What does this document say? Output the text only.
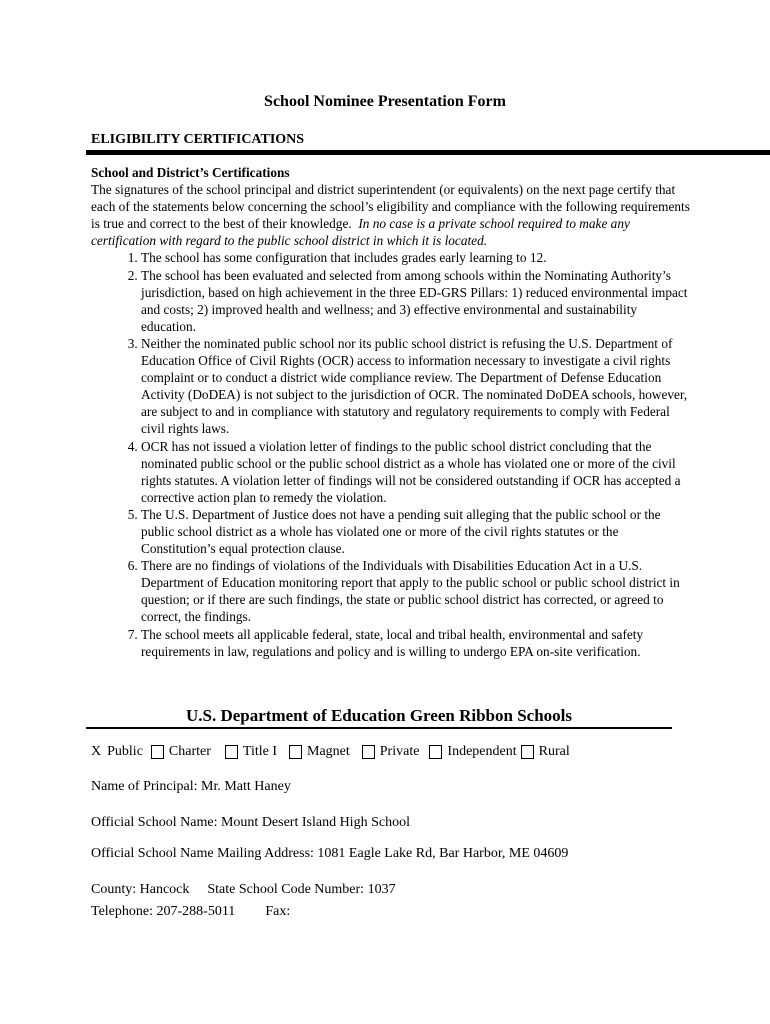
School Nominee Presentation Form
ELIGIBILITY CERTIFICATIONS

School and District’s Certifications

The signatures of the school principal and district superintendent (or equivalents) on the next page certify that each of the statements below concerning the school’s eligibility and compliance with the following requirements is true and correct to the best of their knowledge. In no case is a private school required to make any certification with regard to the public school district in which it is located.

1. The school has some configuration that includes grades early learning to 12.
2. The school has been evaluated and selected from among schools within the Nominating Authority’s jurisdiction, based on high achievement in the three ED-GRS Pillars: 1) reduced environmental impact and costs; 2) improved health and wellness; and 3) effective environmental and sustainability education.
3. Neither the nominated public school nor its public school district is refusing the U.S. Department of Education Office of Civil Rights (OCR) access to information necessary to investigate a civil rights complaint or to conduct a district wide compliance review. The Department of Defense Education Activity (DoDEA) is not subject to the jurisdiction of OCR. The nominated DoDEA schools, however, are subject to and in compliance with statutory and regulatory requirements to comply with Federal civil rights laws.
4. OCR has not issued a violation letter of findings to the public school district concluding that the nominated public school or the public school district as a whole has violated one or more of the civil rights statutes. A violation letter of findings will not be considered outstanding if OCR has accepted a corrective action plan to remedy the violation.
5. The U.S. Department of Justice does not have a pending suit alleging that the public school or the public school district as a whole has violated one or more of the civil rights statutes or the Constitution’s equal protection clause.
6. There are no findings of violations of the Individuals with Disabilities Education Act in a U.S. Department of Education monitoring report that apply to the public school or public school district in question; or if there are such findings, the state or public school district has corrected, or agreed to correct, the findings.
7. The school meets all applicable federal, state, local and tribal health, environmental and safety requirements in law, regulations and policy and is willing to undergo EPA on-site verification.
U.S. Department of Education Green Ribbon Schools
X Public Charter Title I Magnet Private Independent Rural
Name of Principal: Mr. Matt Haney
Official School Name: Mount Desert Island High School
Official School Name Mailing Address: 1081 Eagle Lake Rd, Bar Harbor, ME 04609
County: Hancock State School Code Number: 1037
Telephone: 207-288-5011 Fax:
